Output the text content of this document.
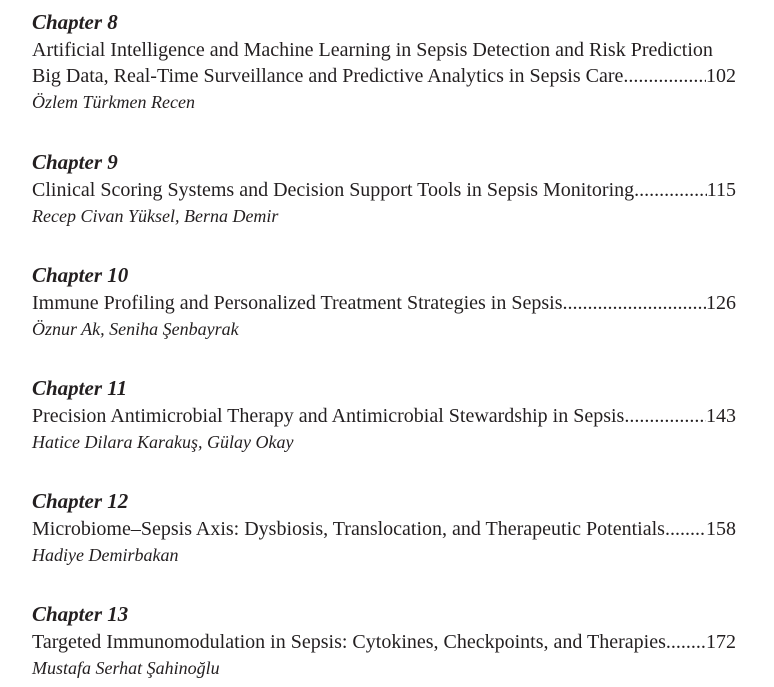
Chapter 8
Artificial Intelligence and Machine Learning in Sepsis Detection and Risk Prediction
Big Data, Real-Time Surveillance and Predictive Analytics in Sepsis Care .....	102
Özlem Türkmen Recen
Chapter 9
Clinical Scoring Systems and Decision Support Tools in Sepsis Monitoring .....	115
Recep Civan Yüksel, Berna Demir
Chapter 10
Immune Profiling and Personalized Treatment Strategies in Sepsis .....	126
Öznur Ak, Seniha Şenbayrak
Chapter 11
Precision Antimicrobial Therapy and Antimicrobial Stewardship in Sepsis .....	143
Hatice Dilara Karakuş, Gülay Okay
Chapter 12
Microbiome–Sepsis Axis: Dysbiosis, Translocation, and Therapeutic Potentials ..... 158
Hadiye Demirbakan
Chapter 13
Targeted Immunomodulation in Sepsis: Cytokines, Checkpoints, and Therapies ..... 172
Mustafa Serhat Şahinoğlu
